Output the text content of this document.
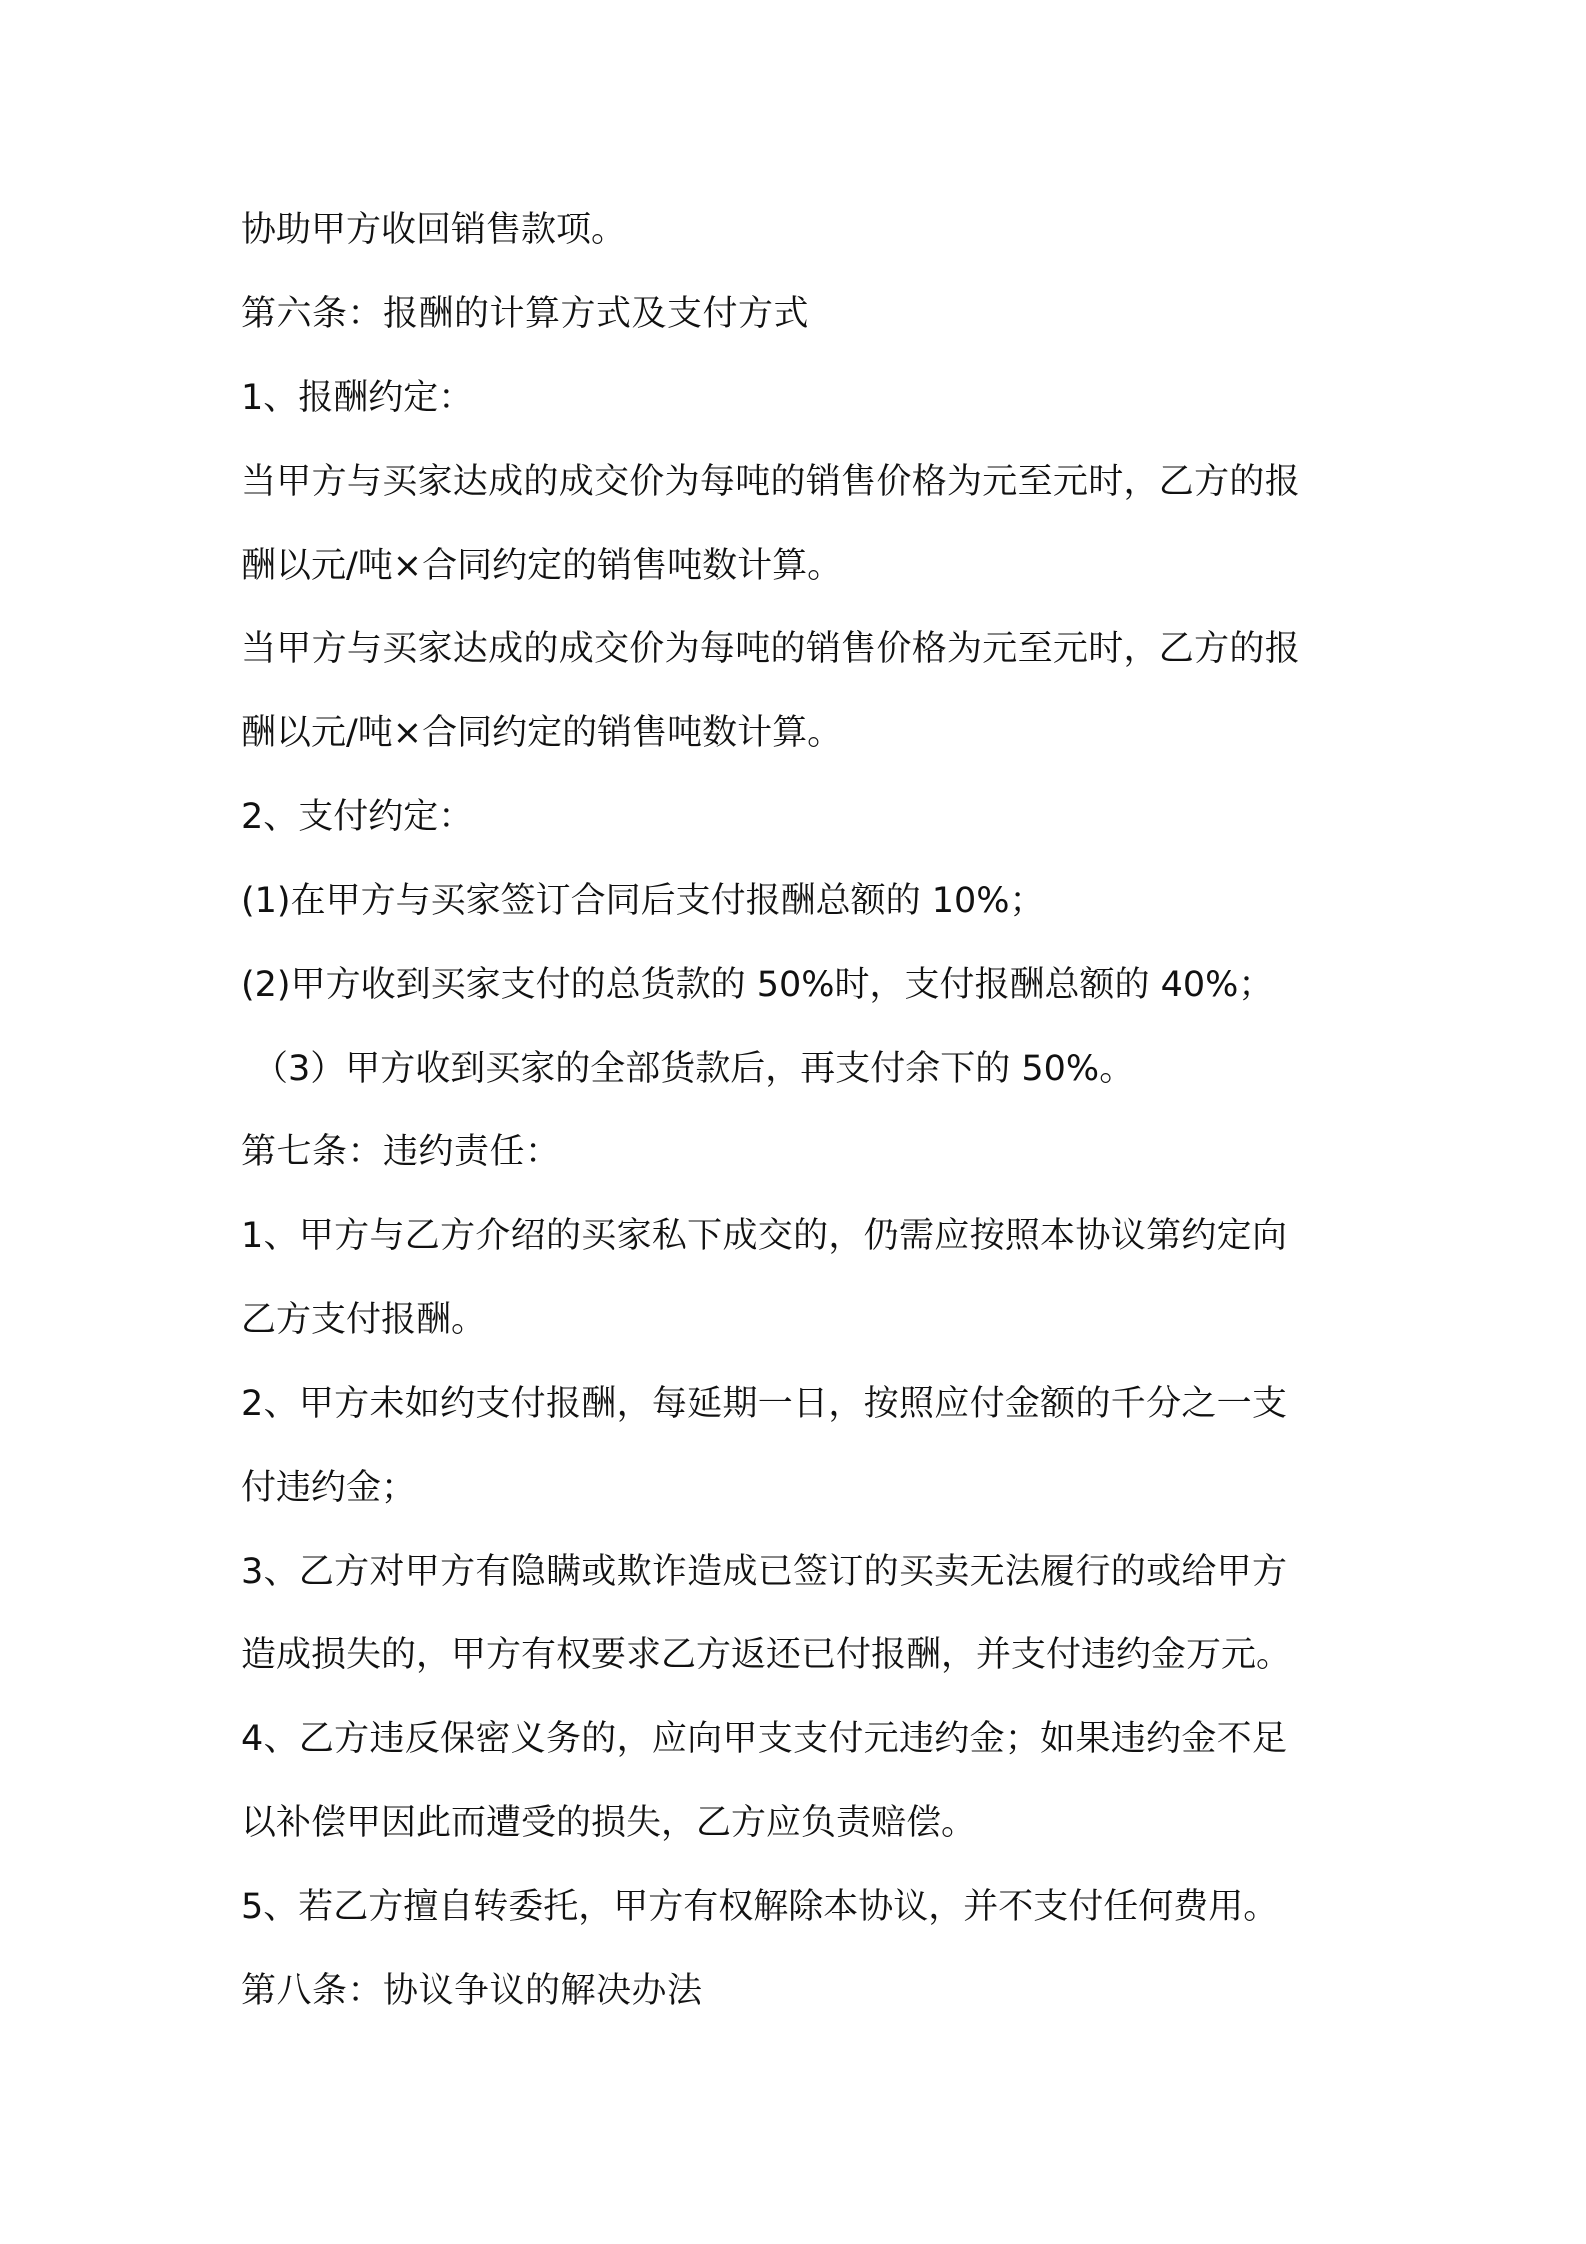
协助甲方收回销售款项。
第六条：报酬的计算方式及支付方式
1、报酬约定：
当甲方与买家达成的成交价为每吨的销售价格为元至元时，乙方的报
酬以元/吨×合同约定的销售吨数计算。
当甲方与买家达成的成交价为每吨的销售价格为元至元时，乙方的报
酬以元/吨×合同约定的销售吨数计算。
2、支付约定：
(1)在甲方与买家签订合同后支付报酬总额的 10%；
(2)甲方收到买家支付的总货款的 50%时，支付报酬总额的 40%；
（3）甲方收到买家的全部货款后，再支付余下的 50%。
第七条：违约责任：
1、甲方与乙方介绍的买家私下成交的，仍需应按照本协议第约定向
乙方支付报酬。
2、甲方未如约支付报酬，每延期一日，按照应付金额的千分之一支
付违约金；
3、乙方对甲方有隐瞒或欺诈造成已签订的买卖无法履行的或给甲方
造成损失的，甲方有权要求乙方返还已付报酬，并支付违约金万元。
4、乙方违反保密义务的，应向甲支支付元违约金；如果违约金不足
以补偿甲因此而遭受的损失，乙方应负责赔偿。
5、若乙方擅自转委托，甲方有权解除本协议，并不支付任何费用。
第八条：协议争议的解决办法
